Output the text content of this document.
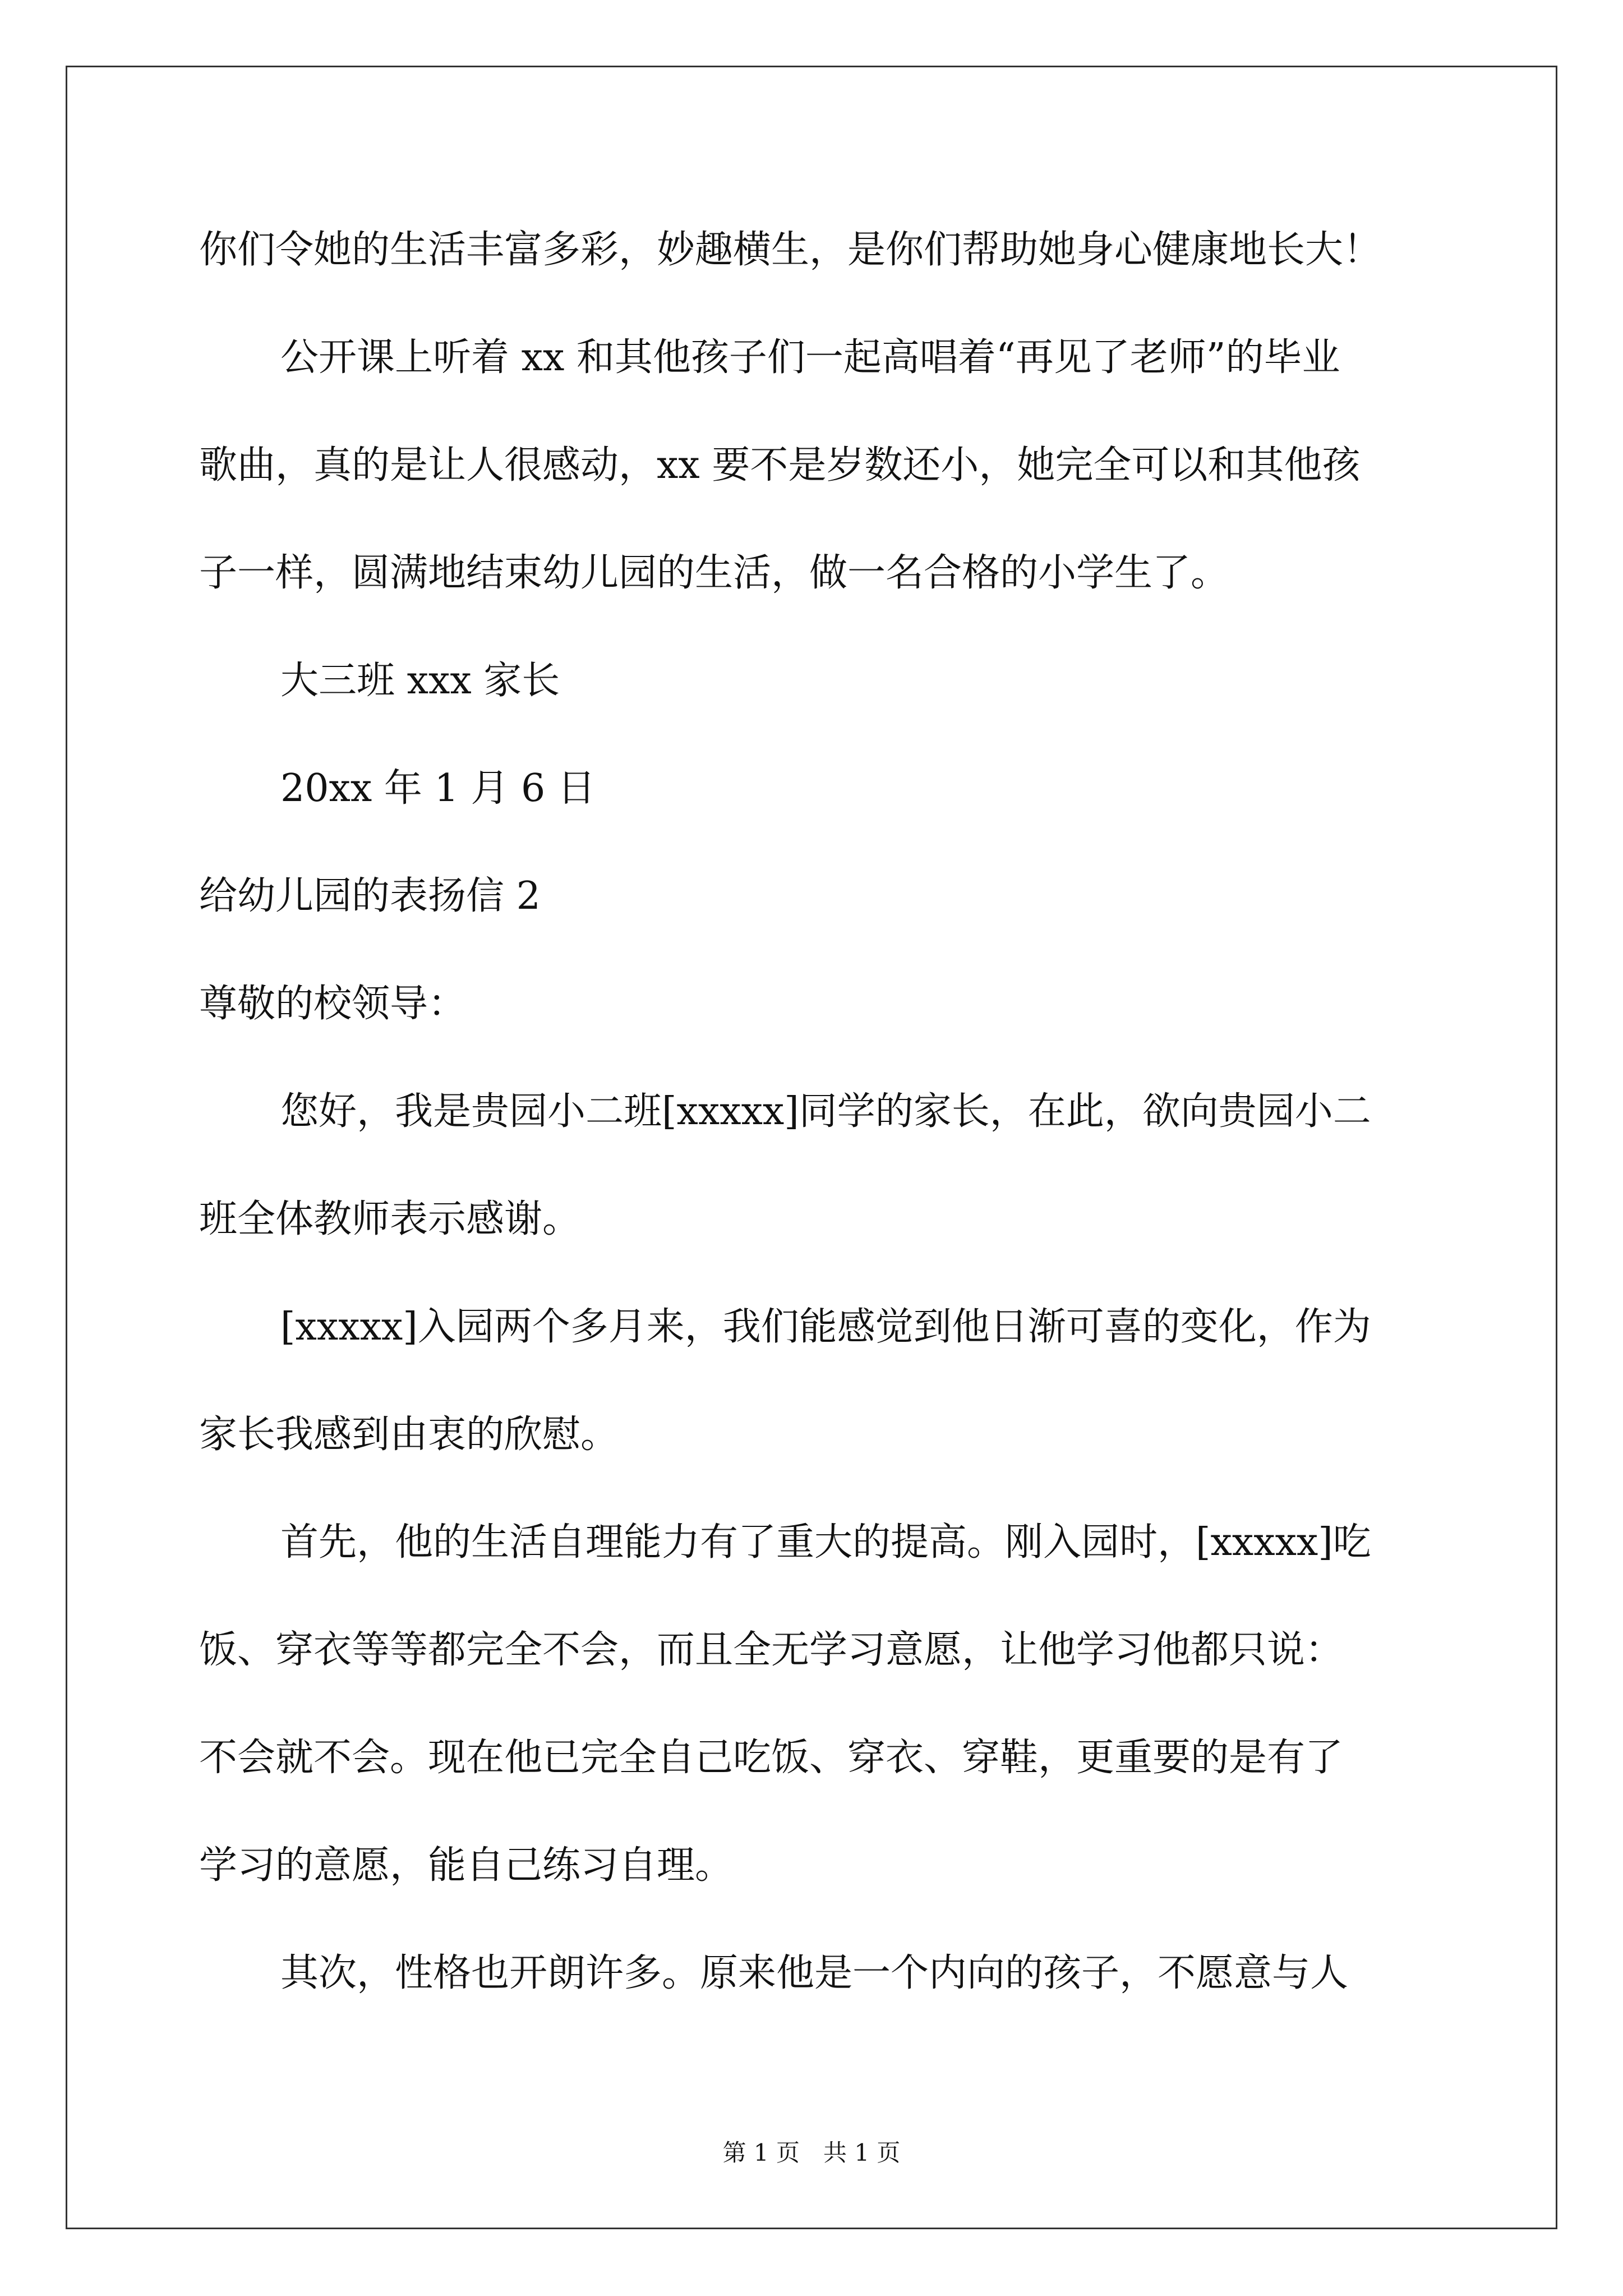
你们令她的生活丰富多彩，妙趣横生，是你们帮助她身心健康地长大！
公开课上听着 xx 和其他孩子们一起高唱着“再见了老师”的毕业
歌曲，真的是让人很感动，xx 要不是岁数还小，她完全可以和其他孩
子一样，圆满地结束幼儿园的生活，做一名合格的小学生了。
大三班 xxx 家长
20xx 年 1 月 6 日
给幼儿园的表扬信 2
尊敬的校领导：
您好，我是贵园小二班[xxxxx]同学的家长，在此，欲向贵园小二
班全体教师表示感谢。
[xxxxx]入园两个多月来，我们能感觉到他日渐可喜的变化，作为
家长我感到由衷的欣慰。
首先，他的生活自理能力有了重大的提高。刚入园时，[xxxxx]吃
饭、穿衣等等都完全不会，而且全无学习意愿，让他学习他都只说：
不会就不会。现在他已完全自己吃饭、穿衣、穿鞋，更重要的是有了
学习的意愿，能自己练习自理。
其次，性格也开朗许多。原来他是一个内向的孩子，不愿意与人
第 1 页　共 1 页
